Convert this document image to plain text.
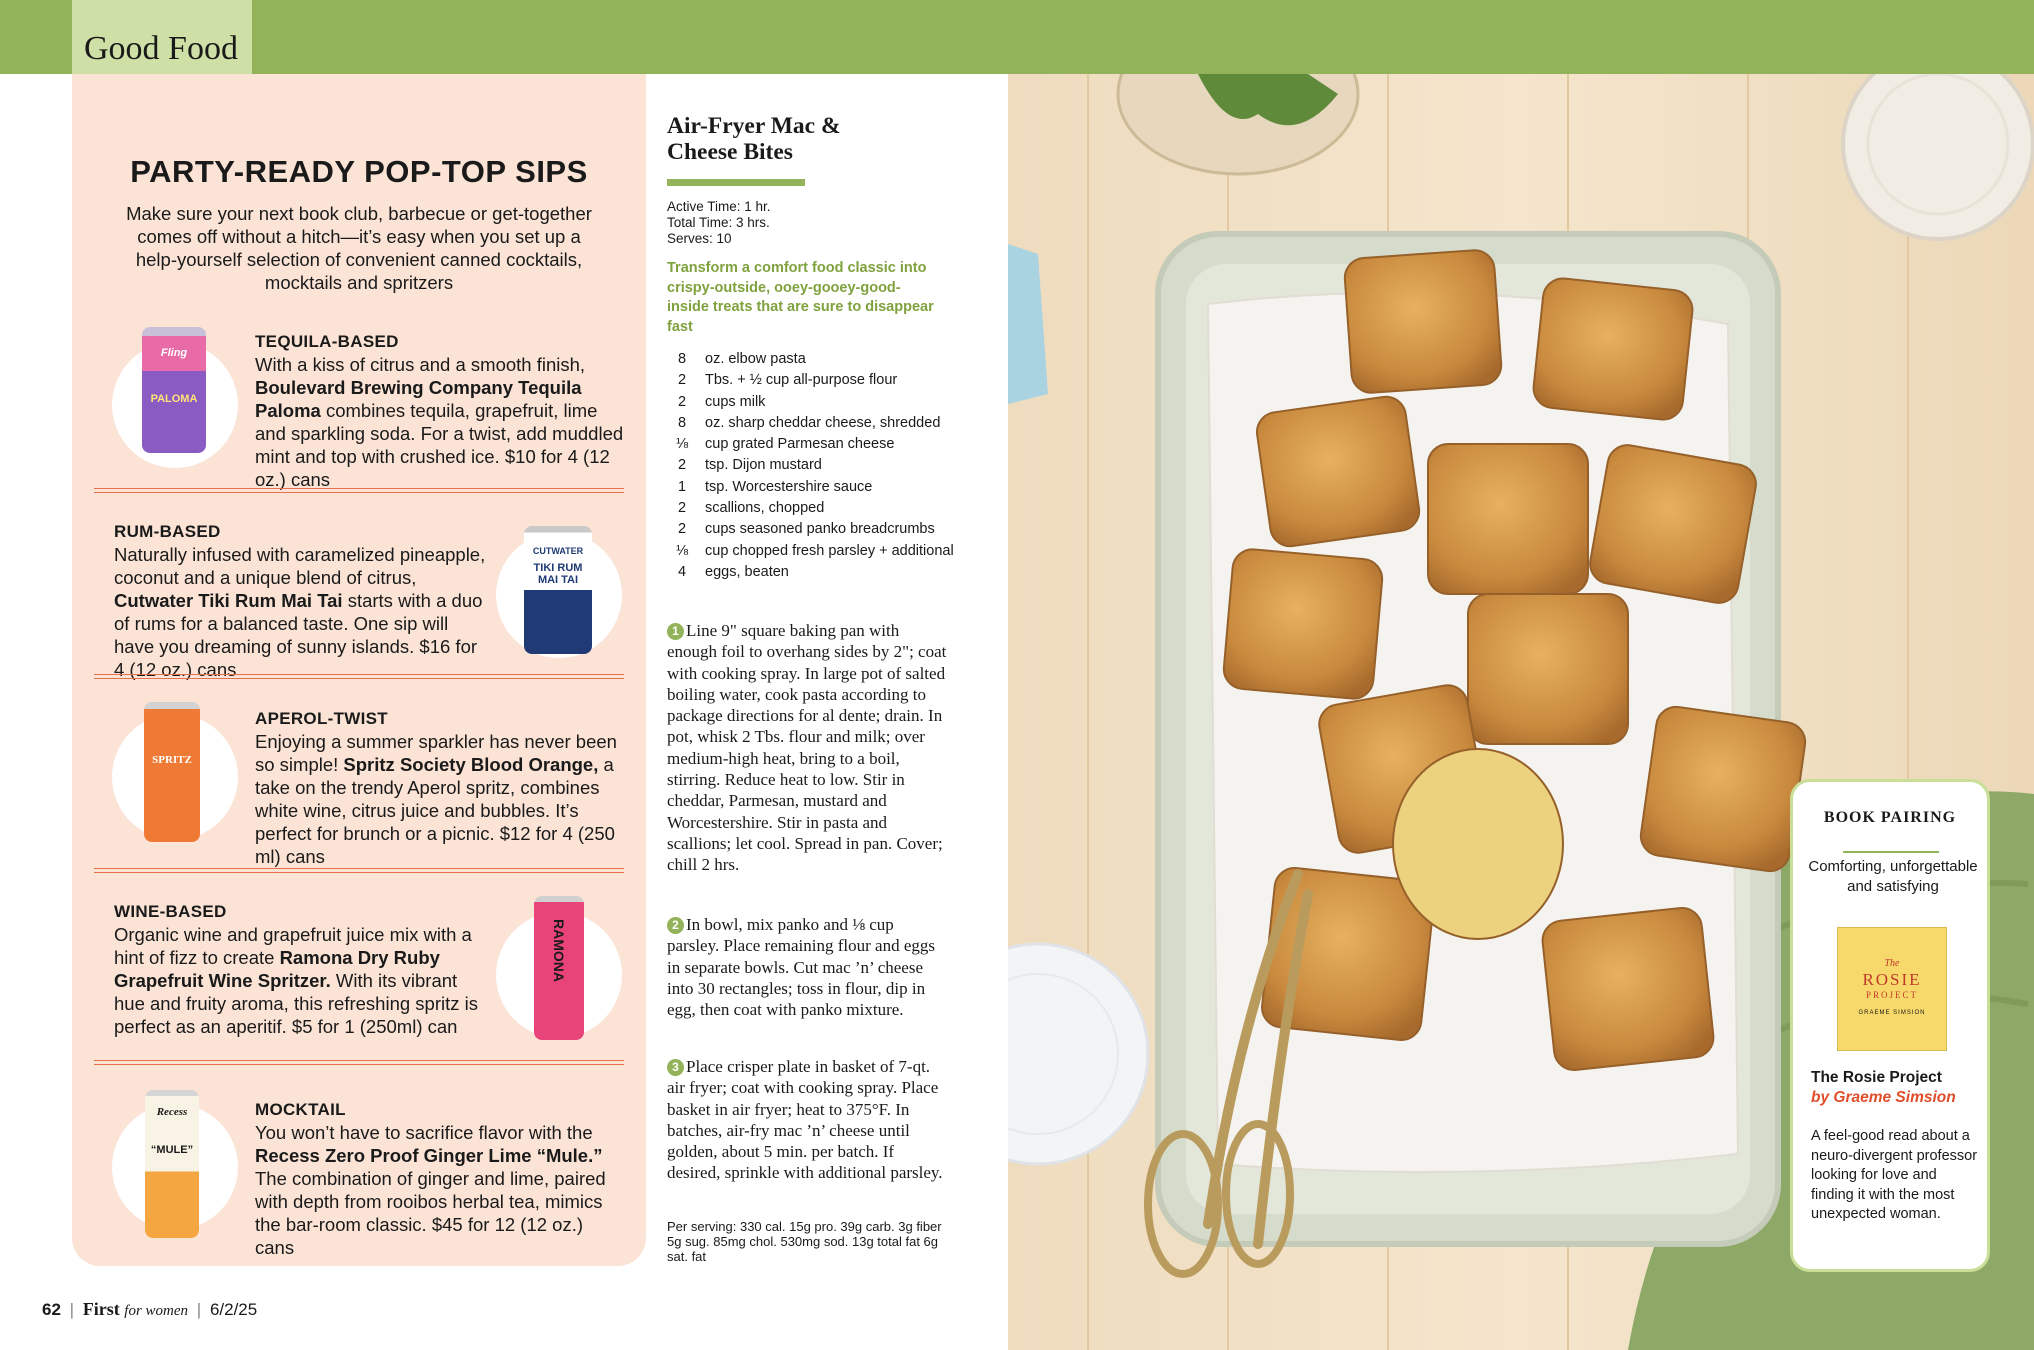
Good Food
PARTY-READY POP-TOP SIPS
Make sure your next book club, barbecue or get-together comes off without a hitch—it’s easy when you set up a help-yourself selection of convenient canned cocktails, mocktails and spritzers
Fling
PALOMA
TEQUILA-BASED
With a kiss of citrus and a smooth finish, Boulevard Brewing Company Tequila Paloma combines tequila, grapefruit, lime and sparkling soda. For a twist, add muddled mint and top with crushed ice. $10 for 4 (12 oz.) cans
RUM-BASED
Naturally infused with caramelized pineapple, coconut and a unique blend of citrus, Cutwater Tiki Rum Mai Tai starts with a duo of rums for a balanced taste. One sip will have you dreaming of sunny islands. $16 for 4 (12 oz.) cans
CUTWATER
TIKI RUM MAI TAI
SPRITZ
APEROL-TWIST
Enjoying a summer sparkler has never been so simple! Spritz Society Blood Orange, a take on the trendy Aperol spritz, combines white wine, citrus juice and bubbles. It’s perfect for brunch or a picnic. $12 for 4 (250 ml) cans
WINE-BASED
Organic wine and grapefruit juice mix with a hint of fizz to create Ramona Dry Ruby Grapefruit Wine Spritzer. With its vibrant hue and fruity aroma, this refreshing spritz is perfect as an aperitif. $5 for 1 (250ml) can
RAMONA
Recess
“MULE”
MOCKTAIL
You won’t have to sacrifice flavor with the Recess Zero Proof Ginger Lime “Mule.” The combination of ginger and lime, paired with depth from rooibos herbal tea, mimics the bar-room classic. $45 for 12 (12 oz.) cans
Air-Fryer Mac & Cheese Bites
Active Time: 1 hr.
Total Time: 3 hrs.
Serves: 10
Transform a comfort food classic into crispy-outside, ooey-gooey-good-inside treats that are sure to disappear fast
8	oz. elbow pasta
2	Tbs. + ½ cup all-purpose flour
2	cups milk
8	oz. sharp cheddar cheese, shredded
⅛	cup grated Parmesan cheese
2	tsp. Dijon mustard
1	tsp. Worcestershire sauce
2	scallions, chopped
2	cups seasoned panko breadcrumbs
⅛	cup chopped fresh parsley + additional
4	eggs, beaten
1 Line 9" square baking pan with enough foil to overhang sides by 2"; coat with cooking spray. In large pot of salted boiling water, cook pasta according to package directions for al dente; drain. In pot, whisk 2 Tbs. flour and milk; over medium-high heat, bring to a boil, stirring. Reduce heat to low. Stir in cheddar, Parmesan, mustard and Worcestershire. Stir in pasta and scallions; let cool. Spread in pan. Cover; chill 2 hrs.
2 In bowl, mix panko and ⅛ cup parsley. Place remaining flour and eggs in separate bowls. Cut mac ’n’ cheese into 30 rectangles; toss in flour, dip in egg, then coat with panko mixture.
3 Place crisper plate in basket of 7-qt. air fryer; coat with cooking spray. Place basket in air fryer; heat to 375°F. In batches, air-fry mac ’n’ cheese until golden, about 5 min. per batch. If desired, sprinkle with additional parsley.
Per serving: 330 cal. 15g pro. 39g carb. 3g fiber 5g sug. 85mg chol. 530mg sod. 13g total fat 6g sat. fat
62 | First for women | 6/2/25
BOOK PAIRING
Comforting, unforgettable and satisfying
The
ROSIE
PROJECT
GRAEME SIMSION
The Rosie Project
by Graeme Simsion
A feel-good read about a neuro-divergent professor looking for love and finding it with the most unexpected woman.
